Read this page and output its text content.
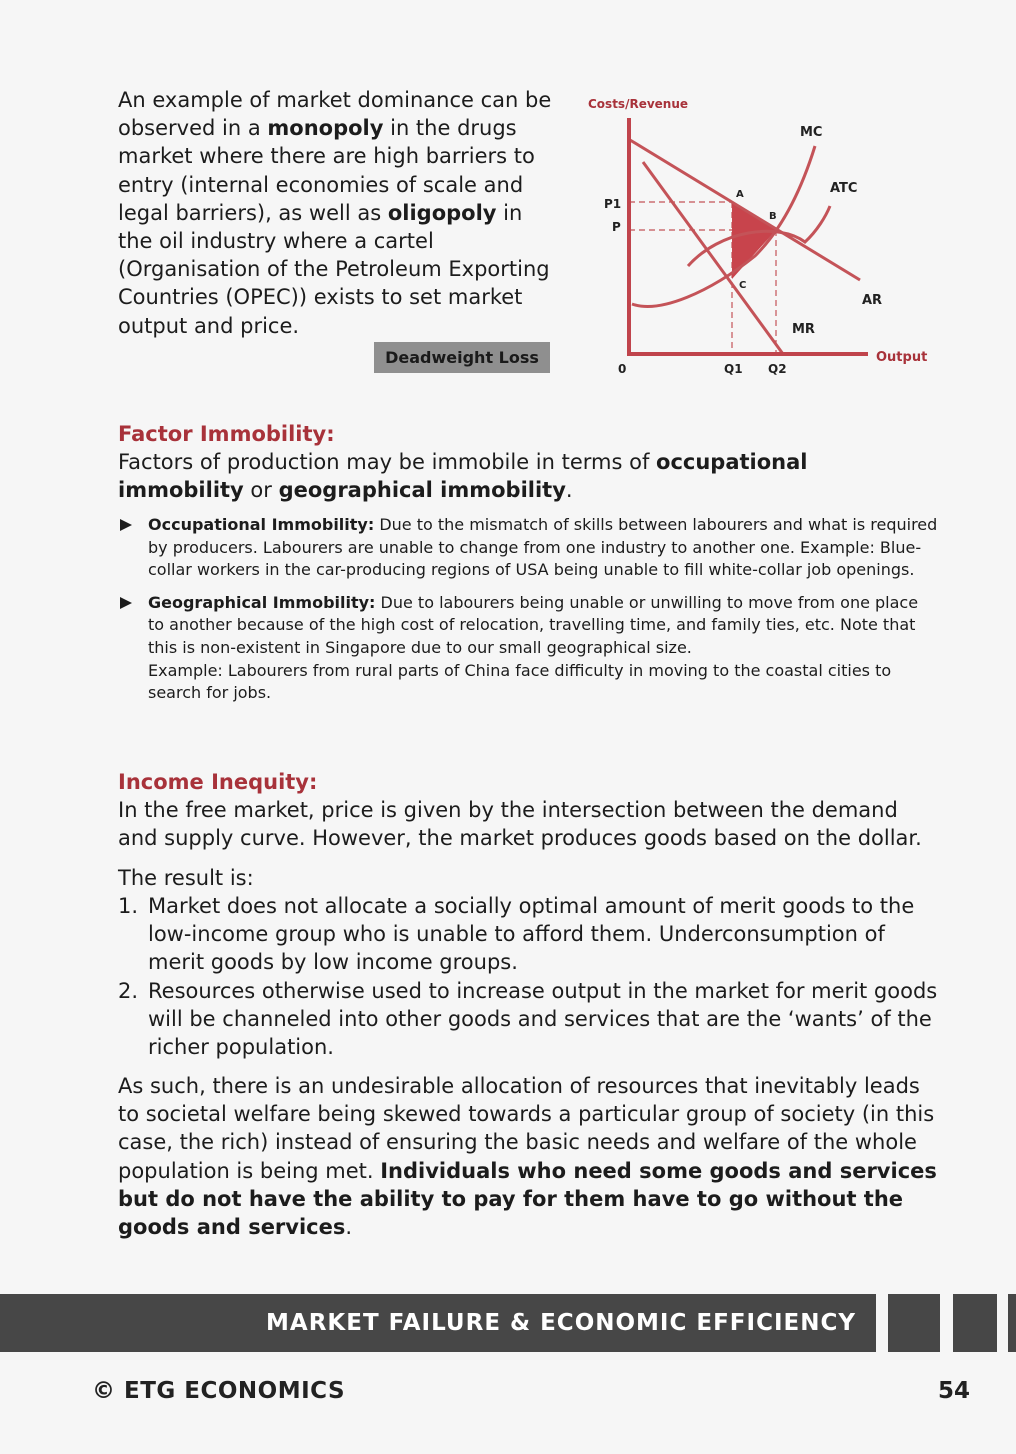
An example of market dominance can be observed in a monopoly in the drugs market where there are high barriers to entry (internal economies of scale and legal barriers), as well as oligopoly in the oil industry where a cartel (Organisation of the Petroleum Exporting Countries (OPEC)) exists to set market output and price.

Costs/Revenue
Output
0
P1
P
Q1 Q2
MC
ATC
AR
MR
A
B
C
Deadweight Loss
Factor Immobility:

Factors of production may be immobile in terms of occupational immobility or geographical immobility.

Occupational Immobility: Due to the mismatch of skills between labourers and what is required by producers. Labourers are unable to change from one industry to another one. Example: Blue-collar workers in the car-producing regions of USA being unable to fill white-collar job openings.
Geographical Immobility: Due to labourers being unable or unwilling to move from one place to another because of the high cost of relocation, travelling time, and family ties, etc. Note that this is non-existent in Singapore due to our small geographical size.
Example: Labourers from rural parts of China face difficulty in moving to the coastal cities to search for jobs.
Income Inequity:

In the free market, price is given by the intersection between the demand and supply curve. However, the market produces goods based on the dollar.

The result is:

1. Market does not allocate a socially optimal amount of merit goods to the low-income group who is unable to afford them. Underconsumption of merit goods by low income groups.
2. Resources otherwise used to increase output in the market for merit goods will be channeled into other goods and services that are the ‘wants’ of the richer population.

As such, there is an undesirable allocation of resources that inevitably leads to societal welfare being skewed towards a particular group of society (in this case, the rich) instead of ensuring the basic needs and welfare of the whole population is being met. Individuals who need some goods and services but do not have the ability to pay for them have to go without the goods and services.

MARKET FAILURE & ECONOMIC EFFICIENCY
© ETG ECONOMICS	54
